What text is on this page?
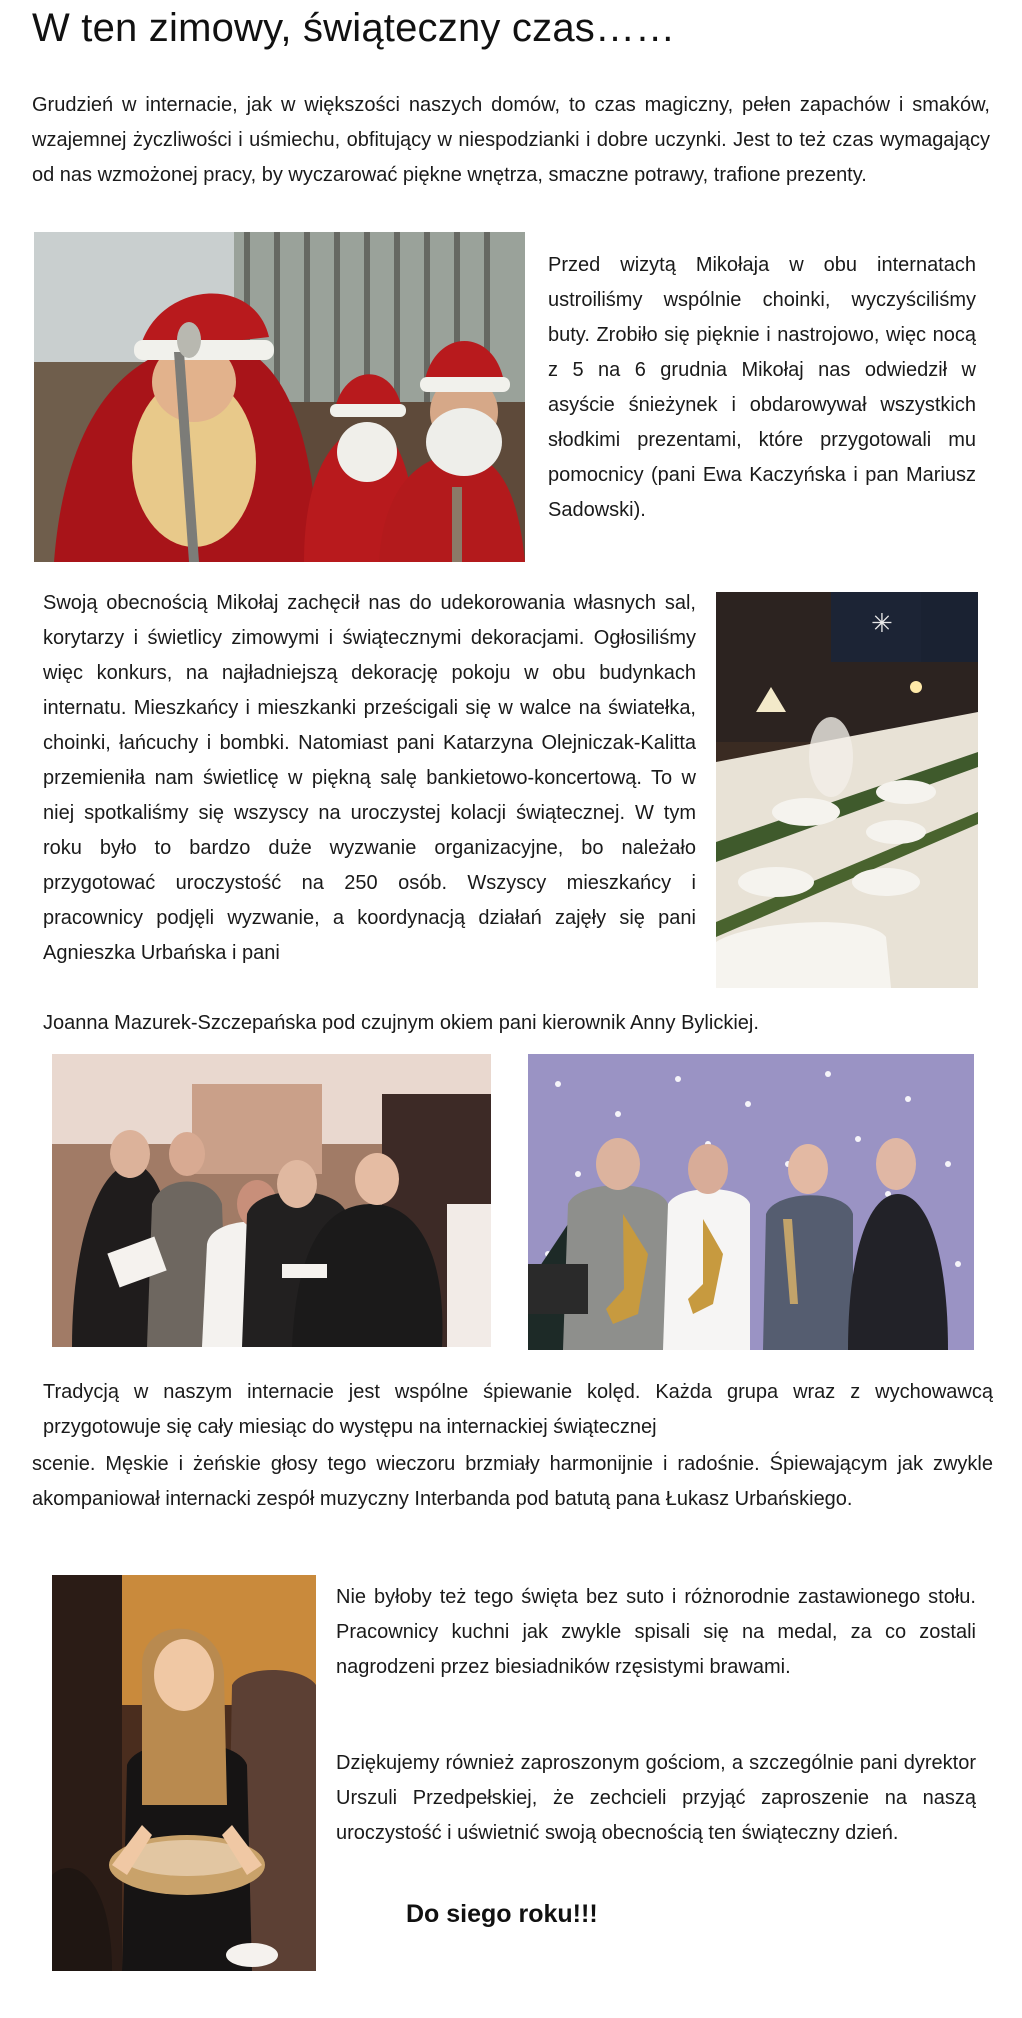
W ten zimowy, świąteczny czas……

Grudzień w internacie, jak w większości naszych domów, to czas magiczny, pełen zapachów i smaków, wzajemnej życzliwości i uśmiechu, obfitujący w niespodzianki i dobre uczynki. Jest to też czas wymagający od nas wzmożonej pracy, by wyczarować piękne wnętrza, smaczne potrawy, trafione prezenty.

Przed wizytą Mikołaja w obu internatach ustroiliśmy wspólnie choinki, wyczyściliśmy buty. Zrobiło się pięknie i nastrojowo, więc nocą z 5 na 6 grudnia Mikołaj nas odwiedził w asyście śnieżynek i obdarowywał wszystkich słodkimi prezentami, które przygotowali mu pomocnicy (pani Ewa Kaczyńska i pan Mariusz Sadowski).

Swoją obecnością Mikołaj zachęcił nas do udekorowania własnych sal, korytarzy i świetlicy zimowymi i świątecznymi dekoracjami. Ogłosiliśmy więc konkurs, na najładniejszą dekorację pokoju w obu budynkach internatu. Mieszkańcy i mieszkanki prześcigali się w walce na światełka, choinki, łańcuchy i bombki. Natomiast pani Katarzyna Olejniczak-Kalitta przemieniła nam świetlicę w piękną salę bankietowo-koncertową. To w niej spotkaliśmy się wszyscy na uroczystej kolacji świątecznej. W tym roku było to bardzo duże wyzwanie organizacyjne, bo należało przygotować uroczystość na 250 osób. Wszyscy mieszkańcy i pracownicy podjęli wyzwanie, a koordynacją działań zajęły się pani Agnieszka Urbańska i pani

Joanna Mazurek-Szczepańska pod czujnym okiem pani kierownik Anny Bylickiej.

✳

Tradycją w naszym internacie jest wspólne śpiewanie kolęd. Każda grupa wraz z wychowawcą przygotowuje się cały miesiąc do występu na internackiej świątecznej

scenie. Męskie i żeńskie głosy tego wieczoru brzmiały harmonijnie i radośnie. Śpiewającym jak zwykle akompaniował internacki zespół muzyczny Interbanda pod batutą pana Łukasz Urbańskiego.

Nie byłoby też tego święta bez suto i różnorodnie zastawionego stołu. Pracownicy kuchni jak zwykle spisali się na medal, za co zostali nagrodzeni przez biesiadników rzęsistymi brawami.

Dziękujemy również zaproszonym gościom, a szczególnie pani dyrektor Urszuli Przedpełskiej, że zechcieli przyjąć zaproszenie na naszą uroczystość i uświetnić swoją obecnością ten świąteczny dzień.

Do siego roku!!!
